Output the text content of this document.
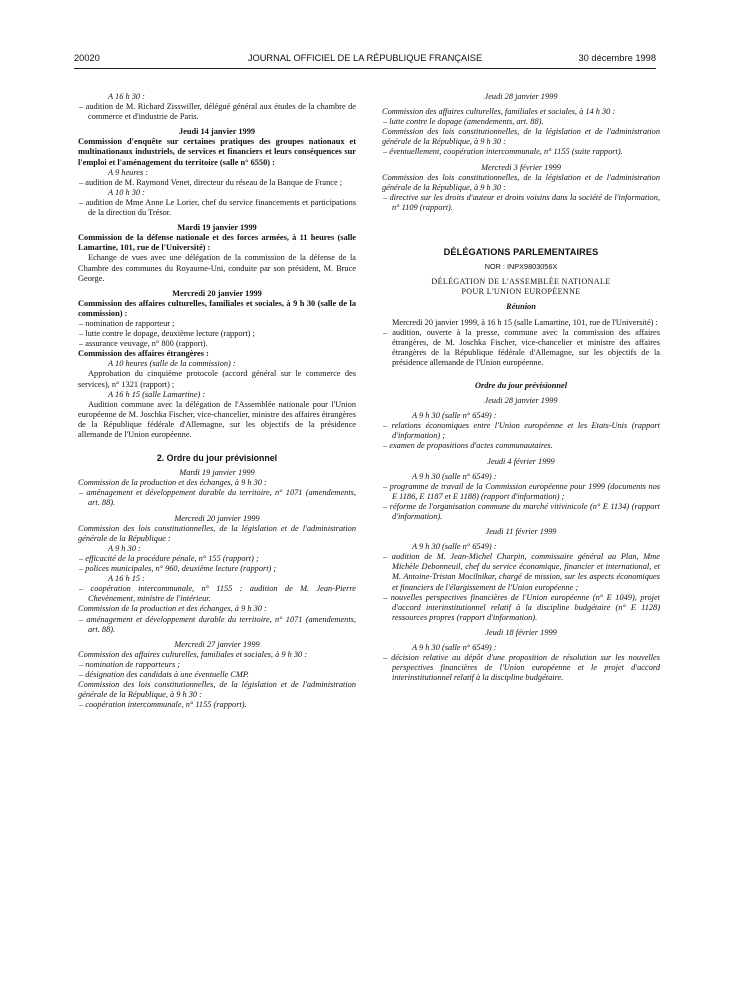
20020	JOURNAL OFFICIEL DE LA RÉPUBLIQUE FRANÇAISE	30 décembre 1998

A 16 h 30 :

– audition de M. Richard Zisswiller, délégué général aux études de la chambre de commerce et d'industrie de Paris.

Jeudi 14 janvier 1999

Commission d'enquête sur certaines pratiques des groupes nationaux et multinationaux industriels, de services et financiers et leurs conséquences sur l'emploi et l'aménagement du territoire (salle n° 6550) :

A 9 heures :

– audition de M. Raymond Venet, directeur du réseau de la Banque de France ;

A 10 h 30 :

– audition de Mme Anne Le Lorier, chef du service financements et participations de la direction du Trésor.

Mardi 19 janvier 1999

Commission de la défense nationale et des forces armées, à 11 heures (salle Lamartine, 101, rue de l'Université) :

Echange de vues avec une délégation de la commission de la défense de la Chambre des communes du Royaume-Uni, conduite par son président, M. Bruce George.

Mercredi 20 janvier 1999

Commission des affaires culturelles, familiales et sociales, à 9 h 30 (salle de la commission) :

– nomination de rapporteur ;

– lutte contre le dopage, deuxième lecture (rapport) ;

– assurance veuvage, n° 800 (rapport).

Commission des affaires étrangères :

A 10 heures (salle de la commission) :

Approbation du cinquième protocole (accord général sur le commerce des services), n° 1321 (rapport) ;

A 16 h 15 (salle Lamartine) :

Audition commune avec la délégation de l'Assemblée nationale pour l'Union européenne de M. Joschka Fischer, vice-chancelier, ministre des affaires étrangères de la République fédérale d'Allemagne, sur les objectifs de la présidence allemande de l'Union européenne.

2. Ordre du jour prévisionnel

Mardi 19 janvier 1999

Commission de la production et des échanges, à 9 h 30 :

– aménagement et développement durable du territoire, n° 1071 (amendements, art. 88).

Mercredi 20 janvier 1999

Commission des lois constitutionnelles, de la législation et de l'administration générale de la République :

A 9 h 30 :

– efficacité de la procédure pénale, n° 155 (rapport) ;

– polices municipales, n° 960, deuxième lecture (rapport) ;

A 16 h 15 :

– coopération intercommunale, n° 1155 : audition de M. Jean-Pierre Chevènement, ministre de l'intérieur.

Commission de la production et des échanges, à 9 h 30 :

– aménagement et développement durable du territoire, n° 1071 (amendements, art. 88).

Mercredi 27 janvier 1999

Commission des affaires culturelles, familiales et sociales, à 9 h 30 :

– nomination de rapporteurs ;

– désignation des candidats à une éventuelle CMP.

Commission des lois constitutionnelles, de la législation et de l'administration générale de la République, à 9 h 30 :

– coopération intercommunale, n° 1155 (rapport).

Jeudi 28 janvier 1999

Commission des affaires culturelles, familiales et sociales, à 14 h 30 :

– lutte contre le dopage (amendements, art. 88).

Commission des lois constitutionnelles, de la législation et de l'administration générale de la République, à 9 h 30 :

– éventuellement, coopération intercommunale, n° 1155 (suite rapport).

Mercredi 3 février 1999

Commission des lois constitutionnelles, de la législation et de l'administration générale de la République, à 9 h 30 :

– directive sur les droits d'auteur et droits voisins dans la société de l'information, n° 1109 (rapport).

DÉLÉGATIONS PARLEMENTAIRES

NOR : INPX9803056X

DÉLÉGATION DE L'ASSEMBLÉE NATIONALE

POUR L'UNION EUROPÉENNE

Réunion

Mercredi 20 janvier 1999, à 16 h 15 (salle Lamartine, 101, rue de l'Université) :

– audition, ouverte à la presse, commune avec la commission des affaires étrangères, de M. Joschka Fischer, vice-chancelier et ministre des affaires étrangères de la République fédérale d'Allemagne, sur les objectifs de la présidence allemande de l'Union européenne.

Ordre du jour prévisionnel

Jeudi 28 janvier 1999

A 9 h 30 (salle n° 6549) :

– relations économiques entre l'Union européenne et les Etats-Unis (rapport d'information) ;

– examen de propositions d'actes communautaires.

Jeudi 4 février 1999

A 9 h 30 (salle n° 6549) :

– programme de travail de la Commission européenne pour 1999 (documents nos E 1186, E 1187 et E 1188) (rapport d'information) ;

– réforme de l'organisation commune du marché vitivinicole (n° E 1134) (rapport d'information).

Jeudi 11 février 1999

A 9 h 30 (salle n° 6549) :

– audition de M. Jean-Michel Charpin, commissaire général au Plan, Mme Michèle Debonneuil, chef du service économique, financier et international, et M. Antoine-Tristan Mocilnikar, chargé de mission, sur les aspects économiques et financiers de l'élargissement de l'Union européenne ;

– nouvelles perspectives financières de l'Union européenne (n° E 1049), projet d'accord interinstitutionnel relatif à la discipline budgétaire (n° E 1128) ressources propres (rapport d'information).

Jeudi 18 février 1999

A 9 h 30 (salle n° 6549) :

– décision relative au dépôt d'une proposition de résolution sur les nouvelles perspectives financières de l'Union européenne et le projet d'accord interinstitutionnel relatif à la discipline budgétaire.
